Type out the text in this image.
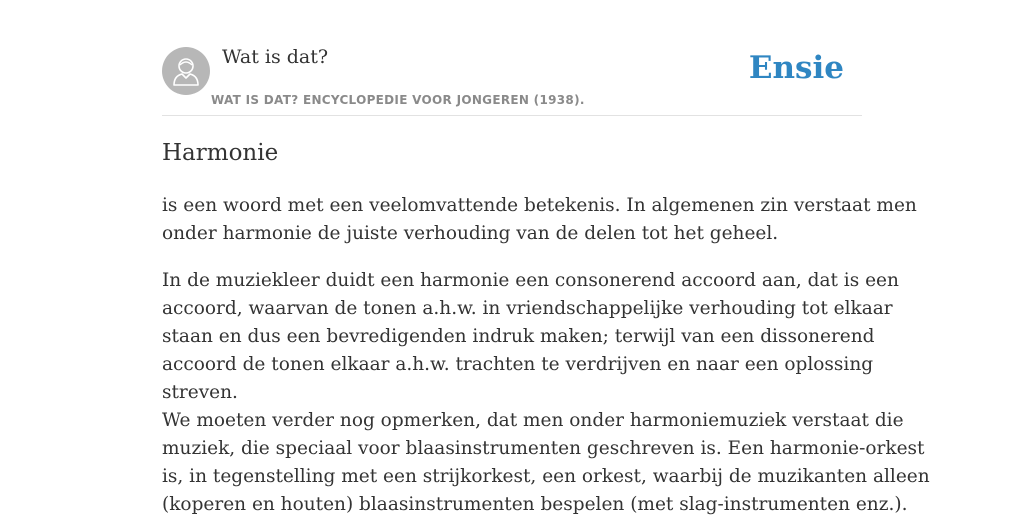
Wat is dat?
WAT IS DAT? ENCYCLOPEDIE VOOR JONGEREN (1938).
Ensie
Harmonie
is een woord met een veelomvattende betekenis. In algemenen zin verstaat men
onder harmonie de juiste verhouding van de delen tot het geheel.
In de muziekleer duidt een harmonie een consonerend accoord aan, dat is een
accoord, waarvan de tonen a.h.w. in vriendschappelijke verhouding tot elkaar
staan en dus een bevredigenden indruk maken; terwijl van een dissonerend
accoord de tonen elkaar a.h.w. trachten te verdrijven en naar een oplossing
streven.
We moeten verder nog opmerken, dat men onder harmoniemuziek verstaat die
muziek, die speciaal voor blaasinstrumenten geschreven is. Een harmonie-orkest
is, in tegenstelling met een strijkorkest, een orkest, waarbij de muzikanten alleen
(koperen en houten) blaasinstrumenten bespelen (met slag-instrumenten enz.).
